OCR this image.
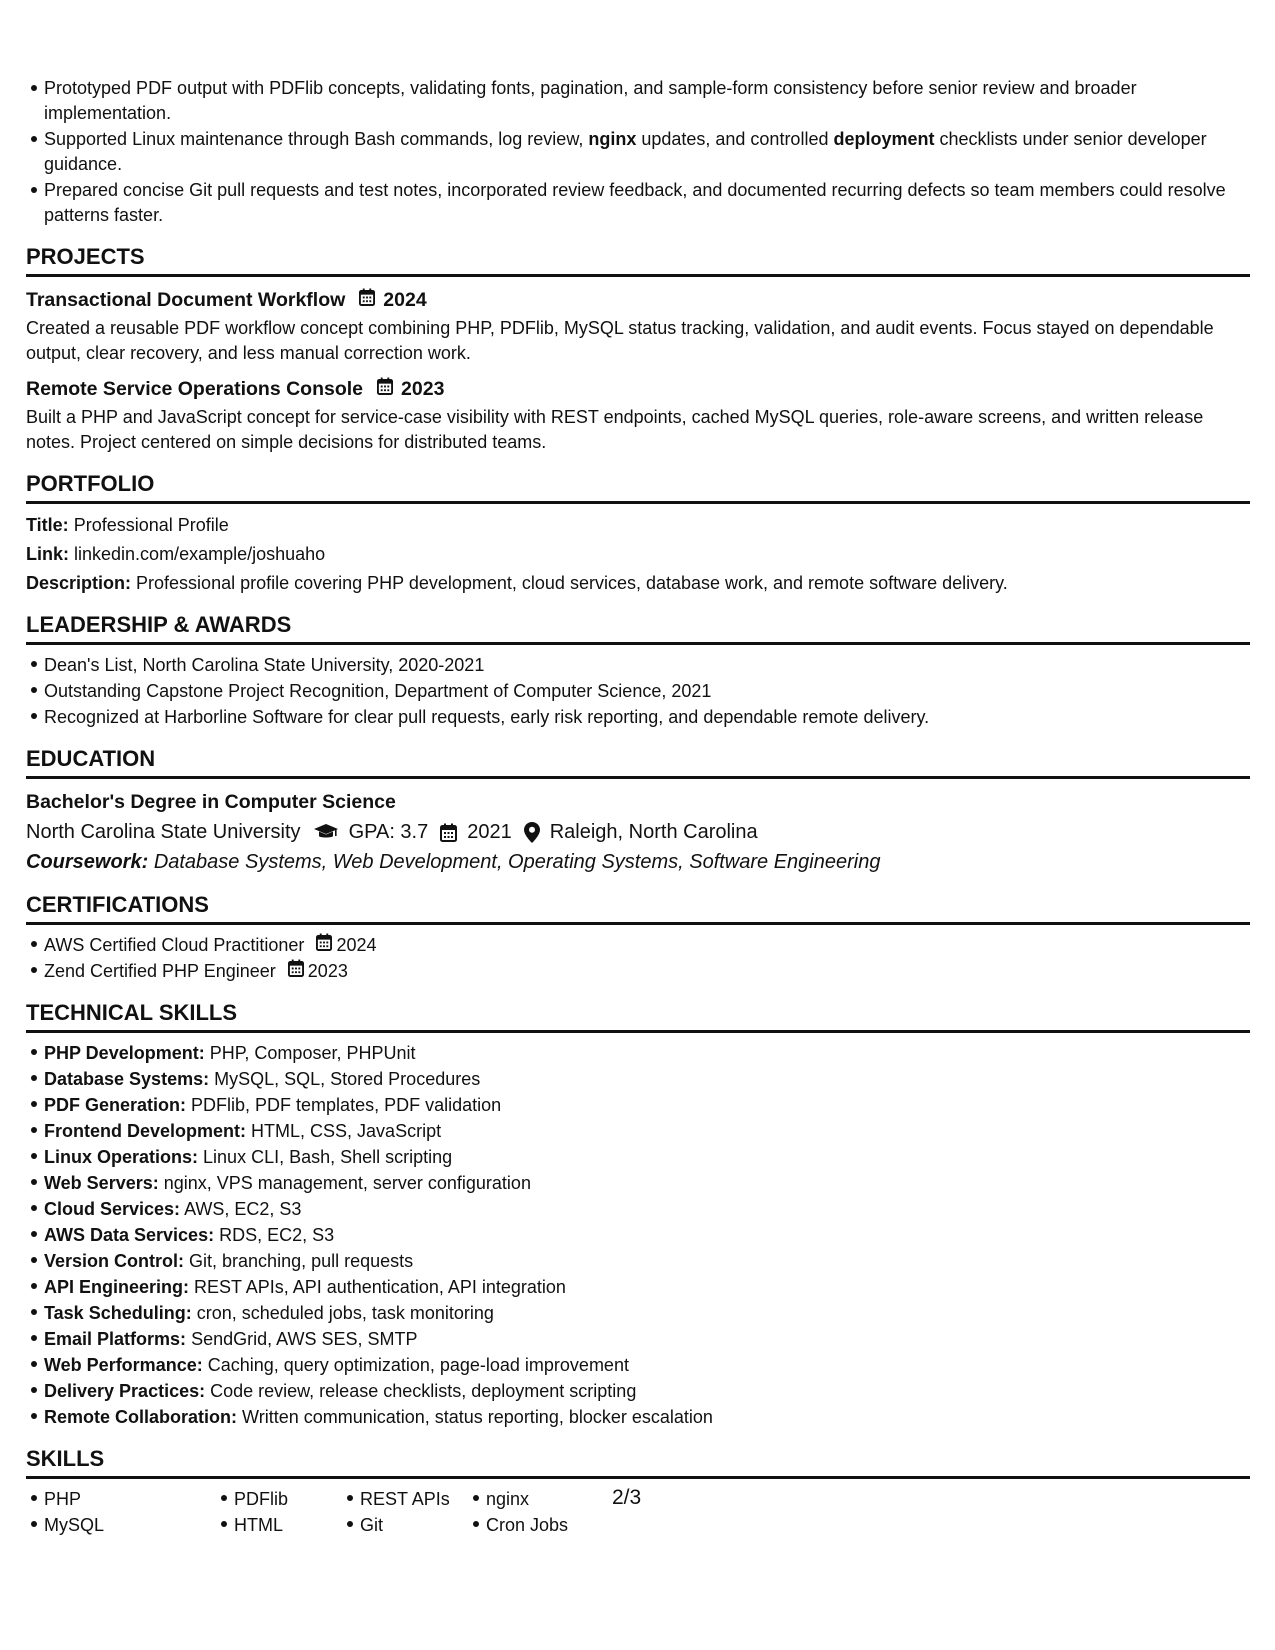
Prototyped PDF output with PDFlib concepts, validating fonts, pagination, and sample-form consistency before senior review and broader implementation.
Supported Linux maintenance through Bash commands, log review, nginx updates, and controlled deployment checklists under senior developer guidance.
Prepared concise Git pull requests and test notes, incorporated review feedback, and documented recurring defects so team members could resolve patterns faster.
PROJECTS
Transactional Document Workflow 2024
Created a reusable PDF workflow concept combining PHP, PDFlib, MySQL status tracking, validation, and audit events. Focus stayed on dependable output, clear recovery, and less manual correction work.
Remote Service Operations Console 2023
Built a PHP and JavaScript concept for service-case visibility with REST endpoints, cached MySQL queries, role-aware screens, and written release notes. Project centered on simple decisions for distributed teams.
PORTFOLIO
Title: Professional Profile
Link: linkedin.com/example/joshuaho
Description: Professional profile covering PHP development, cloud services, database work, and remote software delivery.
LEADERSHIP & AWARDS
Dean's List, North Carolina State University, 2020-2021
Outstanding Capstone Project Recognition, Department of Computer Science, 2021
Recognized at Harborline Software for clear pull requests, early risk reporting, and dependable remote delivery.
EDUCATION
Bachelor's Degree in Computer Science
North Carolina State University GPA: 3.7 2021 Raleigh, North Carolina
Coursework: Database Systems, Web Development, Operating Systems, Software Engineering
CERTIFICATIONS
AWS Certified Cloud Practitioner 2024
Zend Certified PHP Engineer 2023
TECHNICAL SKILLS
PHP Development: PHP, Composer, PHPUnit
Database Systems: MySQL, SQL, Stored Procedures
PDF Generation: PDFlib, PDF templates, PDF validation
Frontend Development: HTML, CSS, JavaScript
Linux Operations: Linux CLI, Bash, Shell scripting
Web Servers: nginx, VPS management, server configuration
Cloud Services: AWS, EC2, S3
AWS Data Services: RDS, EC2, S3
Version Control: Git, branching, pull requests
API Engineering: REST APIs, API authentication, API integration
Task Scheduling: cron, scheduled jobs, task monitoring
Email Platforms: SendGrid, AWS SES, SMTP
Web Performance: Caching, query optimization, page-load improvement
Delivery Practices: Code review, release checklists, deployment scripting
Remote Collaboration: Written communication, status reporting, blocker escalation
SKILLS
PHP
MySQL
PDFlib
HTML
REST APIs
Git
nginx
Cron Jobs
2/3
